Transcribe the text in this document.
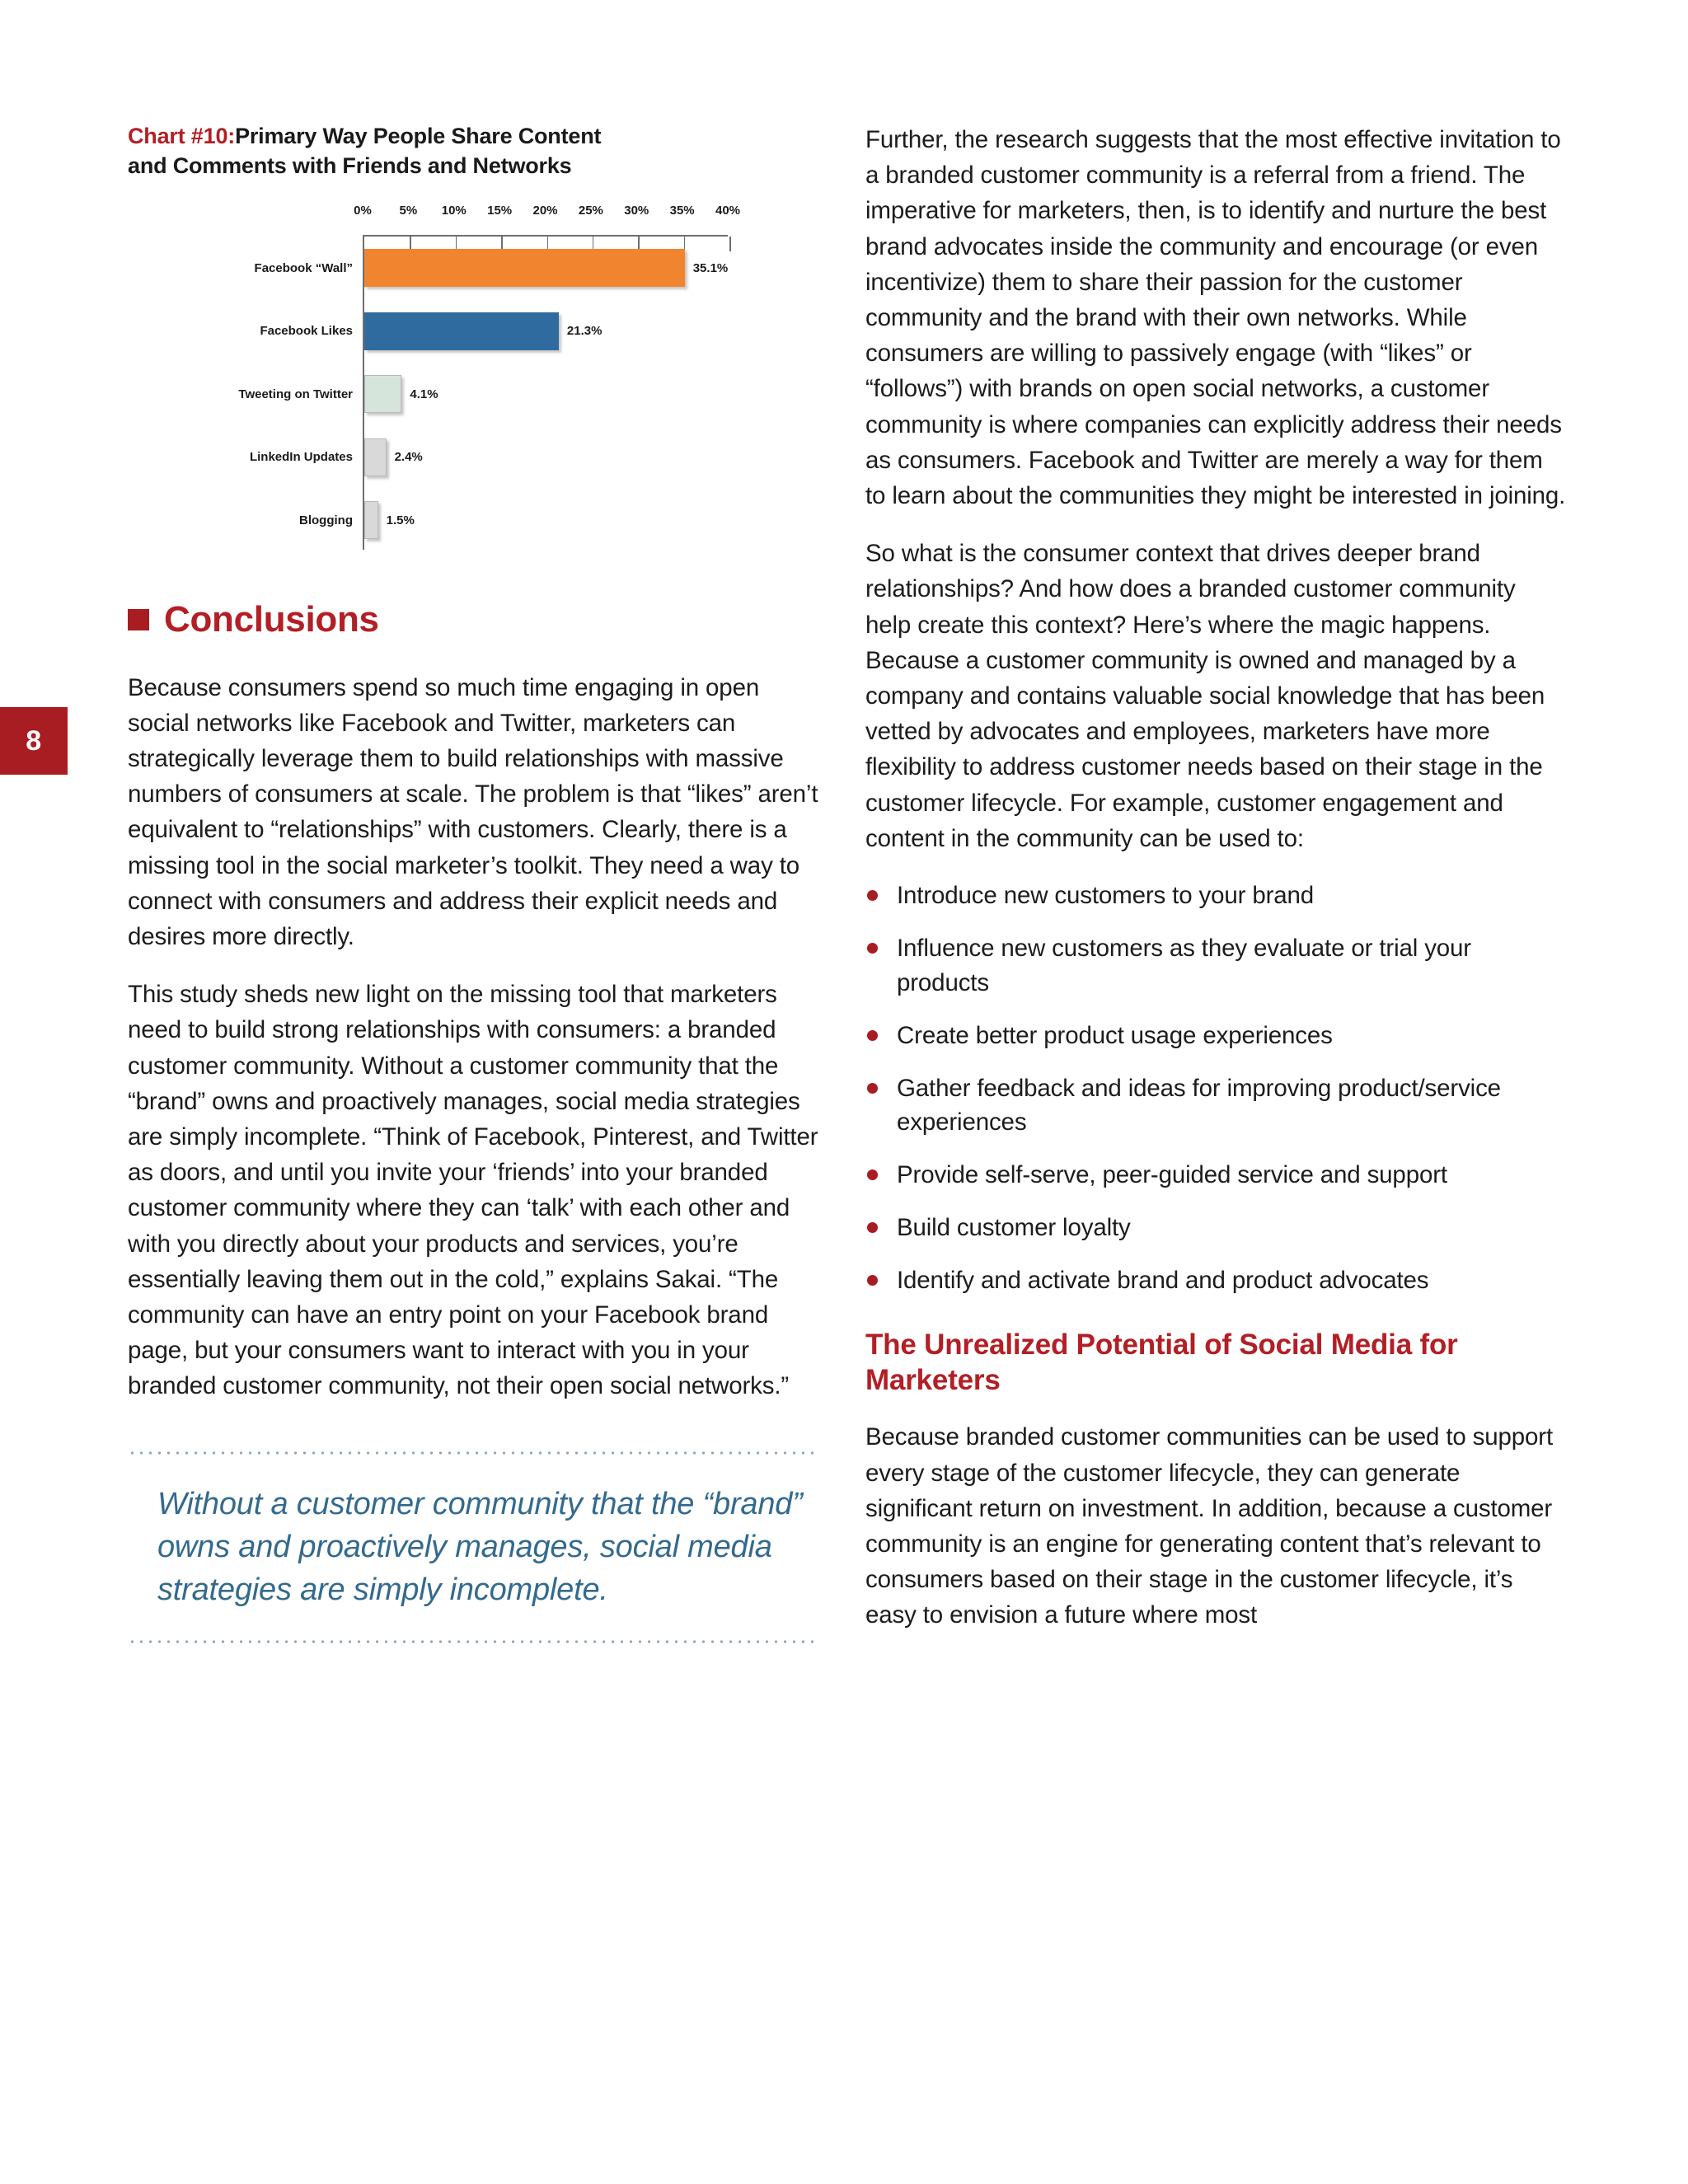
8
Chart #10:Primary Way People Share Content
and Comments with Friends and Networks
0% 5% 10% 15% 20% 25% 30% 35% 40%
Facebook “Wall”	35.1%
Facebook Likes	21.3%
Tweeting on Twitter	4.1%
LinkedIn Updates	2.4%
Blogging	1.5%
Conclusions

Because consumers spend so much time engaging in open social networks like Facebook and Twitter, marketers can strategically leverage them to build relationships with massive numbers of consumers at scale. The problem is that “likes” aren’t equivalent to “relationships” with customers. Clearly, there is a missing tool in the social marketer’s toolkit. They need a way to connect with consumers and address their explicit needs and desires more directly.

This study sheds new light on the missing tool that marketers need to build strong relationships with consumers: a branded customer community. Without a customer community that the “brand” owns and proactively manages, social media strategies are simply incomplete. “Think of Facebook, Pinterest, and Twitter as doors, and until you invite your ‘friends’ into your branded customer community where they can ‘talk’ with each other and with you directly about your products and services, you’re essentially leaving them out in the cold,” explains Sakai. “The community can have an entry point on your Facebook brand page, but your consumers want to interact with you in your branded customer community, not their open social networks.”

Without a customer community that the “brand” owns and proactively manages, social media strategies are simply incomplete.

Further, the research suggests that the most effective invitation to a branded customer community is a referral from a friend. The imperative for marketers, then, is to identify and nurture the best brand advocates inside the community and encourage (or even incentivize) them to share their passion for the customer community and the brand with their own networks. While consumers are willing to passively engage (with “likes” or “follows”) with brands on open social networks, a customer community is where companies can explicitly address their needs as consumers. Facebook and Twitter are merely a way for them to learn about the communities they might be interested in joining.

So what is the consumer context that drives deeper brand relationships? And how does a branded customer community help create this context? Here’s where the magic happens. Because a customer community is owned and managed by a company and contains valuable social knowledge that has been vetted by advocates and employees, marketers have more flexibility to address customer needs based on their stage in the customer lifecycle. For example, customer engagement and content in the community can be used to:

Introduce new customers to your brand
Influence new customers as they evaluate or trial your products
Create better product usage experiences
Gather feedback and ideas for improving product/service experiences
Provide self-serve, peer-guided service and support
Build customer loyalty
Identify and activate brand and product advocates
The Unrealized Potential of Social Media for Marketers

Because branded customer communities can be used to support every stage of the customer lifecycle, they can generate significant return on investment. In addition, because a customer community is an engine for generating content that’s relevant to consumers based on their stage in the customer lifecycle, it’s easy to envision a future where most
